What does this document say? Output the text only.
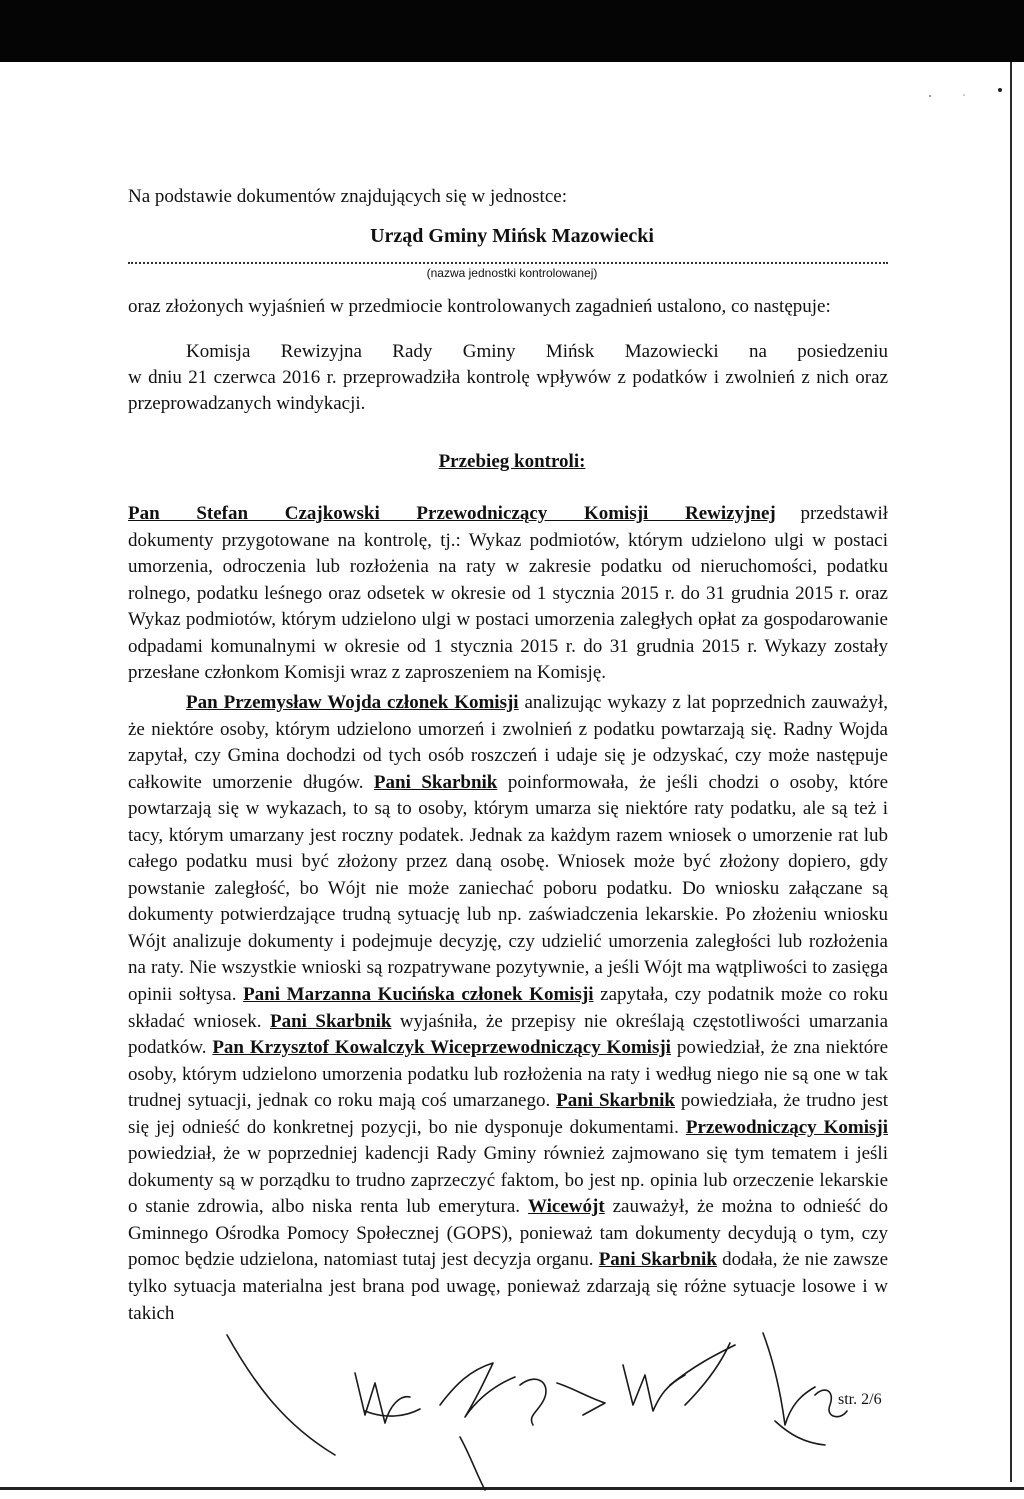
Na podstawie dokumentów znajdujących się w jednostce:
Urząd Gminy Mińsk Mazowiecki
(nazwa jednostki kontrolowanej)
oraz złożonych wyjaśnień w przedmiocie kontrolowanych zagadnień ustalono, co następuje:
Komisja Rewizyjna Rady Gminy Mińsk Mazowiecki na posiedzeniu
w dniu 21 czerwca 2016 r. przeprowadziła kontrolę wpływów z podatków i zwolnień z nich oraz przeprowadzanych windykacji.
Przebieg kontroli:
Pan Stefan Czajkowski Przewodniczący Komisji Rewizyjnej przedstawił
dokumenty przygotowane na kontrolę, tj.: Wykaz podmiotów, którym udzielono ulgi w postaci umorzenia, odroczenia lub rozłożenia na raty w zakresie podatku od nieruchomości, podatku rolnego, podatku leśnego oraz odsetek w okresie od 1 stycznia 2015 r. do 31 grudnia 2015 r. oraz Wykaz podmiotów, którym udzielono ulgi w postaci umorzenia zaległych opłat za gospodarowanie odpadami komunalnymi w okresie od 1 stycznia 2015 r. do 31 grudnia 2015 r. Wykazy zostały przesłane członkom Komisji wraz z zaproszeniem na Komisję.
Pan Przemysław Wojda członek Komisji analizując wykazy z lat poprzednich zauważył, że niektóre osoby, którym udzielono umorzeń i zwolnień z podatku powtarzają się. Radny Wojda zapytał, czy Gmina dochodzi od tych osób roszczeń i udaje się je odzyskać, czy może następuje całkowite umorzenie długów. Pani Skarbnik poinformowała, że jeśli chodzi o osoby, które powtarzają się w wykazach, to są to osoby, którym umarza się niektóre raty podatku, ale są też i tacy, którym umarzany jest roczny podatek. Jednak za każdym razem wniosek o umorzenie rat lub całego podatku musi być złożony przez daną osobę. Wniosek może być złożony dopiero, gdy powstanie zaległość, bo Wójt nie może zaniechać poboru podatku. Do wniosku załączane są dokumenty potwierdzające trudną sytuację lub np. zaświadczenia lekarskie. Po złożeniu wniosku Wójt analizuje dokumenty i podejmuje decyzję, czy udzielić umorzenia zaległości lub rozłożenia na raty. Nie wszystkie wnioski są rozpatrywane pozytywnie, a jeśli Wójt ma wątpliwości to zasięga opinii sołtysa. Pani Marzanna Kucińska członek Komisji zapytała, czy podatnik może co roku składać wniosek. Pani Skarbnik wyjaśniła, że przepisy nie określają częstotliwości umarzania podatków. Pan Krzysztof Kowalczyk Wiceprzewodniczący Komisji powiedział, że zna niektóre osoby, którym udzielono umorzenia podatku lub rozłożenia na raty i według niego nie są one w tak trudnej sytuacji, jednak co roku mają coś umarzanego. Pani Skarbnik powiedziała, że trudno jest się jej odnieść do konkretnej pozycji, bo nie dysponuje dokumentami. Przewodniczący Komisji powiedział, że w poprzedniej kadencji Rady Gminy również zajmowano się tym tematem i jeśli dokumenty są w porządku to trudno zaprzeczyć faktom, bo jest np. opinia lub orzeczenie lekarskie o stanie zdrowia, albo niska renta lub emerytura. Wicewójt zauważył, że można to odnieść do Gminnego Ośrodka Pomocy Społecznej (GOPS), ponieważ tam dokumenty decydują o tym, czy pomoc będzie udzielona, natomiast tutaj jest decyzja organu. Pani Skarbnik dodała, że nie zawsze tylko sytuacja materialna jest brana pod uwagę, ponieważ zdarzają się różne sytuacje losowe i w takich
str. 2/6
